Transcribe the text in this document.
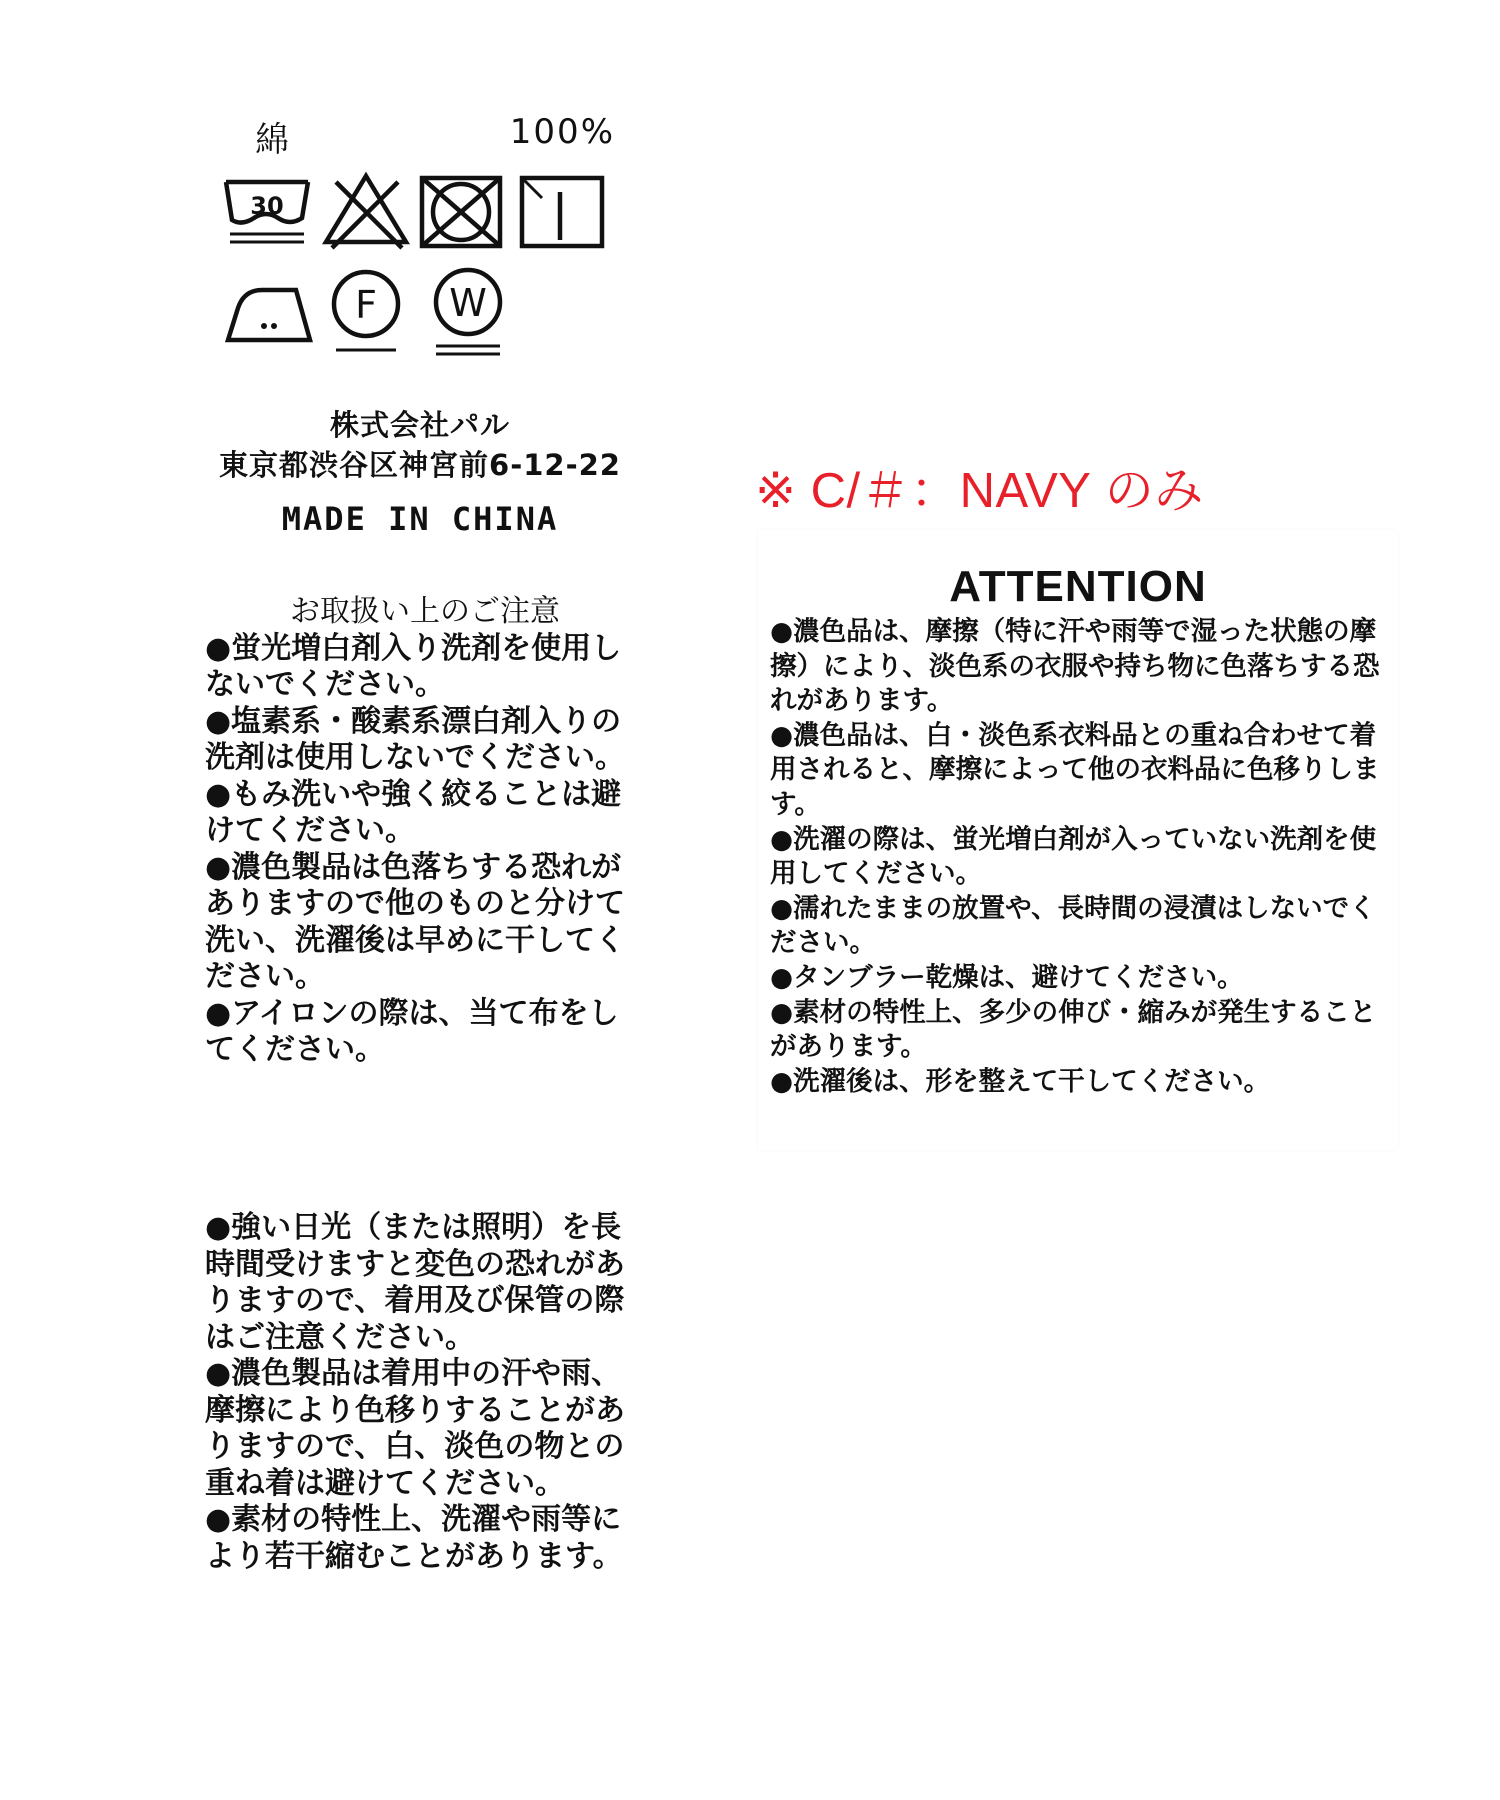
綿	100%
30
F W
株式会社パル
東京都渋谷区神宮前6-12-22
MADE IN CHINA
お取扱い上のご注意

●蛍光増白剤入り洗剤を使用しないでください。

●塩素系・酸素系漂白剤入りの洗剤は使用しないでください。

●もみ洗いや強く絞ることは避けてください。

●濃色製品は色落ちする恐れがありますので他のものと分けて洗い、洗濯後は早めに干してください。

●アイロンの際は、当て布をしてください。

●強い日光（または照明）を長時間受けますと変色の恐れがありますので、着用及び保管の際はご注意ください。

●濃色製品は着用中の汗や雨、摩擦により色移りすることがありますので、白、淡色の物との重ね着は避けてください。

●素材の特性上、洗濯や雨等により若干縮むことがあります。

※ C/＃：NAVY のみ
ATTENTION

●濃色品は、摩擦（特に汗や雨等で湿った状態の摩擦）により、淡色系の衣服や持ち物に色落ちする恐れがあります。

●濃色品は、白・淡色系衣料品との重ね合わせて着用されると、摩擦によって他の衣料品に色移りします。

●洗濯の際は、蛍光増白剤が入っていない洗剤を使用してください。

●濡れたままの放置や、長時間の浸漬はしないでください。

●タンブラー乾燥は、避けてください。

●素材の特性上、多少の伸び・縮みが発生することがあります。

●洗濯後は、形を整えて干してください。
